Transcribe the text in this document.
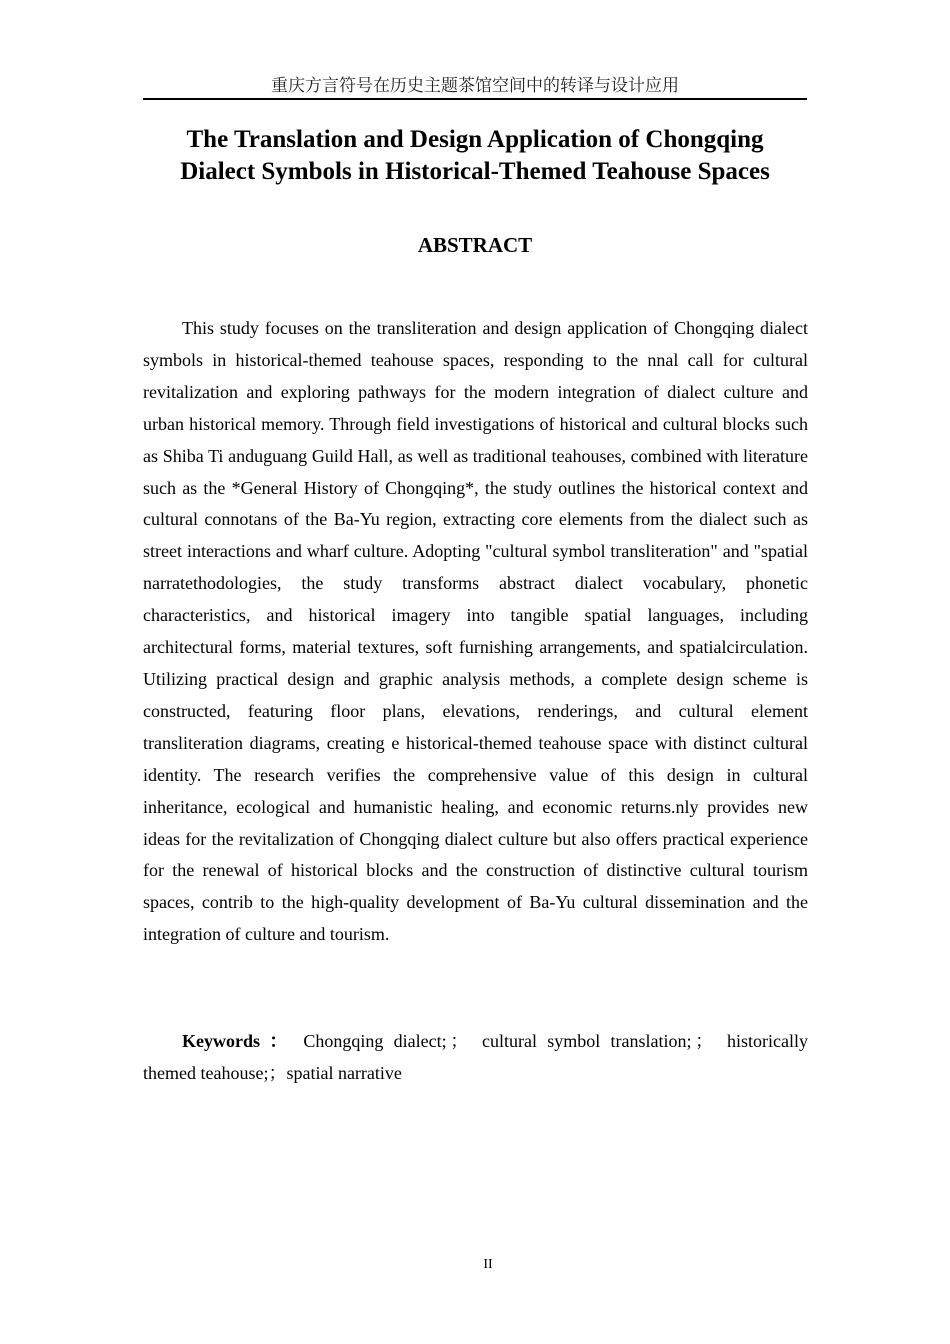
重庆方言符号在历史主题茶馆空间中的转译与设计应用
The Translation and Design Application of Chongqing
Dialect Symbols in Historical-Themed Teahouse Spaces
ABSTRACT

This study focuses on the transliteration and design application of Chongqing dialect symbols in historical-themed teahouse spaces, responding to the nnal call for cultural revitalization and exploring pathways for the modern integration of dialect culture and urban historical memory. Through field investigations of historical and cultural blocks such as Shiba Ti anduguang Guild Hall, as well as traditional teahouses, combined with literature such as the *General History of Chongqing*, the study outlines the historical context and cultural connotans of the Ba-Yu region, extracting core elements from the dialect such as street interactions and wharf culture. Adopting "cultural symbol transliteration" and "spatial narratethodologies, the study transforms abstract dialect vocabulary, phonetic characteristics, and historical imagery into tangible spatial languages, including architectural forms, material textures, soft furnishing arrangements, and spatialcirculation. Utilizing practical design and graphic analysis methods, a complete design scheme is constructed, featuring floor plans, elevations, renderings, and cultural element transliteration diagrams, creating e historical-themed teahouse space with distinct cultural identity. The research verifies the comprehensive value of this design in cultural inheritance, ecological and humanistic healing, and economic returns.nly provides new ideas for the revitalization of Chongqing dialect culture but also offers practical experience for the renewal of historical blocks and the construction of distinctive cultural tourism spaces, contrib to the high-quality development of Ba-Yu cultural dissemination and the integration of culture and tourism.

Keywords ： Chongqing dialect; ；  cultural symbol translation; ；  historically themed teahouse;；spatial narrative

II
